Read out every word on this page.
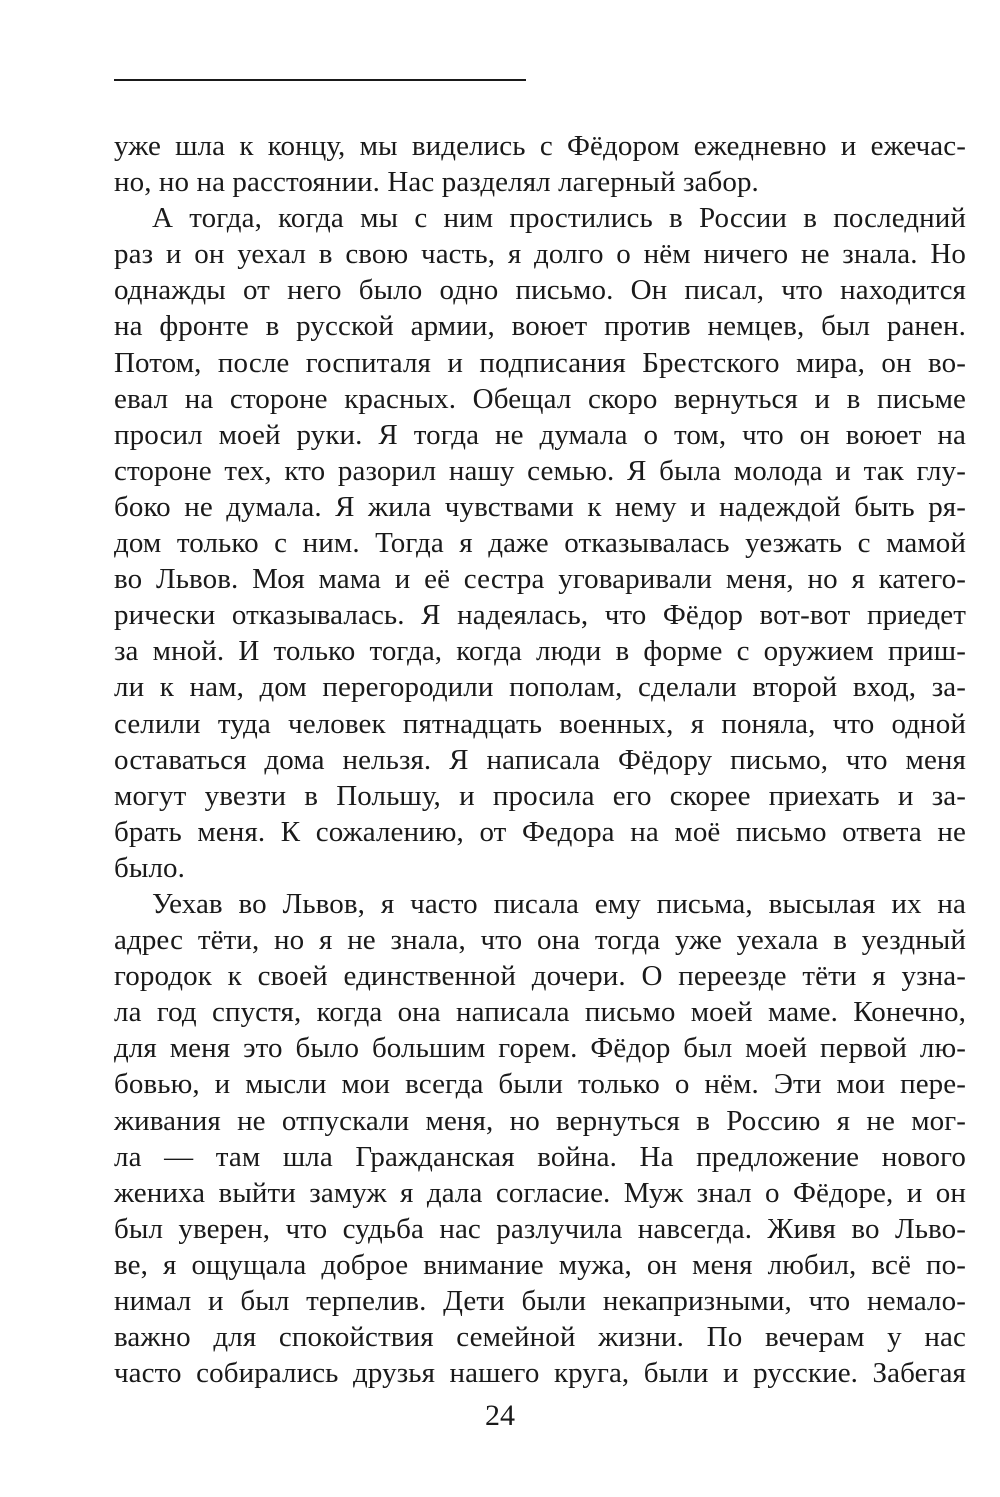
уже шла к концу, мы виделись с Фёдором ежедневно и ежечас-
но, но на расстоянии. Нас разделял лагерный забор.
А тогда, когда мы с ним простились в России в последний
раз и он уехал в свою часть, я долго о нём ничего не знала. Но
однажды от него было одно письмо. Он писал, что находится
на фронте в русской армии, воюет против немцев, был ранен.
Потом, после госпиталя и подписания Брестского мира, он во-
евал на стороне красных. Обещал скоро вернуться и в письме
просил моей руки. Я тогда не думала о том, что он воюет на
стороне тех, кто разорил нашу семью. Я была молода и так глу-
боко не думала. Я жила чувствами к нему и надеждой быть ря-
дом только с ним. Тогда я даже отказывалась уезжать с мамой
во Львов. Моя мама и её сестра уговаривали меня, но я катего-
рически отказывалась. Я надеялась, что Фёдор вот-вот приедет
за мной. И только тогда, когда люди в форме с оружием приш-
ли к нам, дом перегородили пополам, сделали второй вход, за-
селили туда человек пятнадцать военных, я поняла, что одной
оставаться дома нельзя. Я написала Фёдору письмо, что меня
могут увезти в Польшу, и просила его скорее приехать и за-
брать меня. К сожалению, от Федора на моё письмо ответа не
было.
Уехав во Львов, я часто писала ему письма, высылая их на
адрес тёти, но я не знала, что она тогда уже уехала в уездный
городок к своей единственной дочери. О переезде тёти я узна-
ла год спустя, когда она написала письмо моей маме. Конечно,
для меня это было большим горем. Фёдор был моей первой лю-
бовью, и мысли мои всегда были только о нём. Эти мои пере-
живания не отпускали меня, но вернуться в Россию я не мог-
ла — там шла Гражданская война. На предложение нового
жениха выйти замуж я дала согласие. Муж знал о Фёдоре, и он
был уверен, что судьба нас разлучила навсегда. Живя во Льво-
ве, я ощущала доброе внимание мужа, он меня любил, всё по-
нимал и был терпелив. Дети были некапризными, что немало-
важно для спокойствия семейной жизни. По вечерам у нас
часто собирались друзья нашего круга, были и русские. Забегая
24
